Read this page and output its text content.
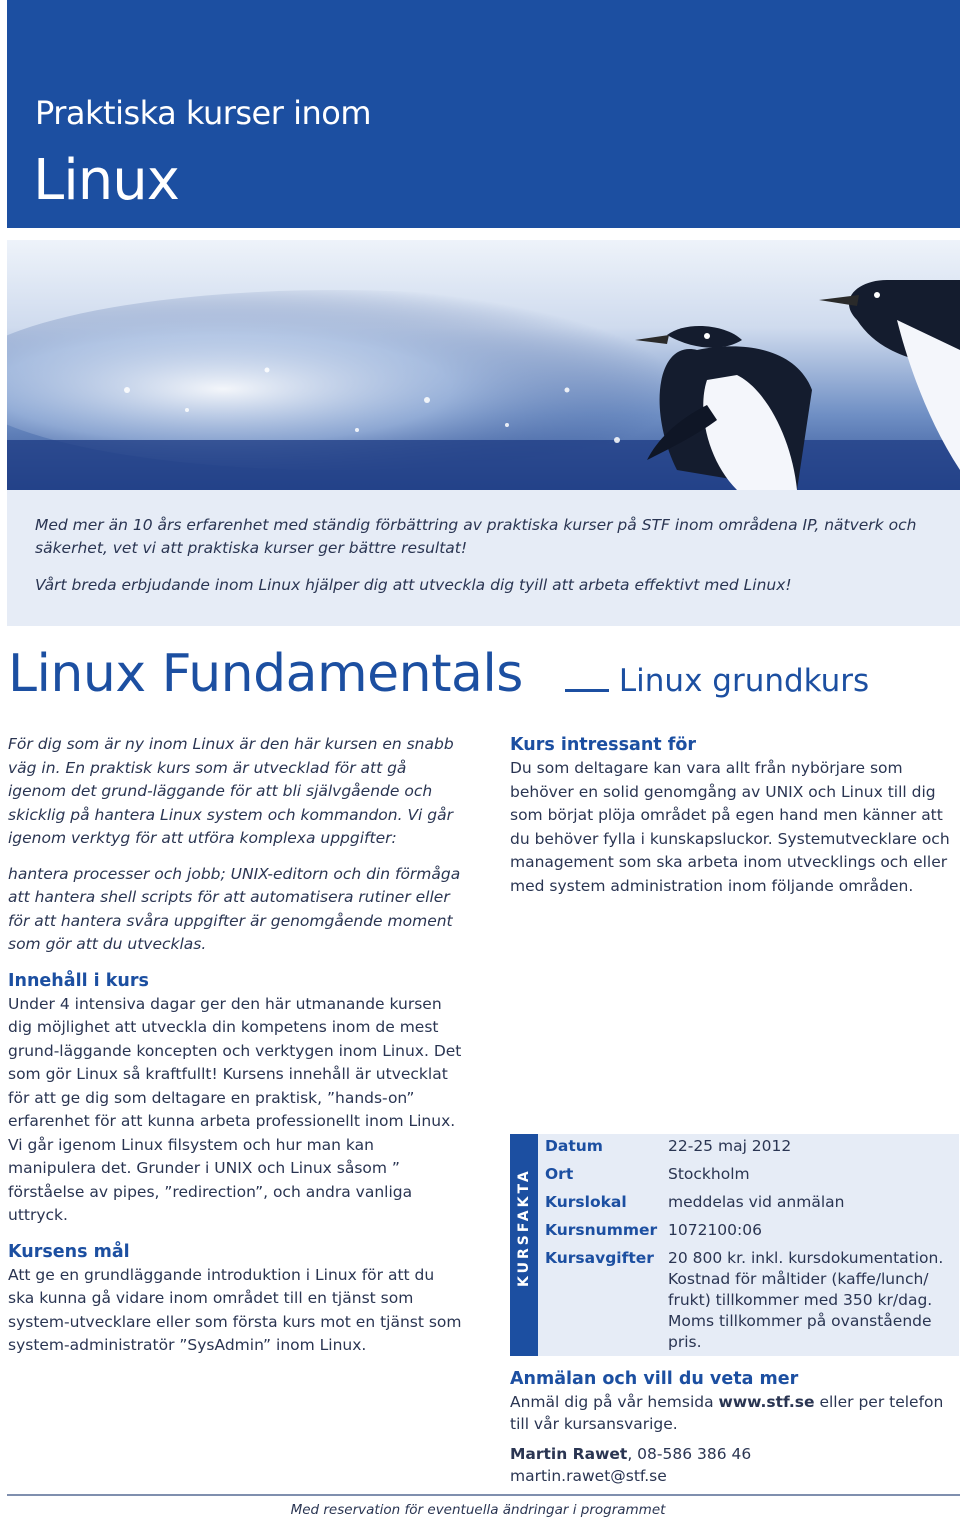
Praktiska kurser inom
Linux

Med mer än 10 års erfarenhet med ständig förbättring av praktiska kurser på STF inom områdena IP, nätverk och säkerhet, vet vi att praktiska kurser ger bättre resultat!

Vårt breda erbjudande inom Linux hjälper dig att utveckla dig tyill att arbeta effektivt med Linux!

Linux Fundamentals	Linux grundkurs

För dig som är ny inom Linux är den här kursen en snabb väg in. En praktisk kurs som är utvecklad för att gå igenom det grund-läggande för att bli självgående och skicklig på hantera Linux system och kommandon. Vi går igenom verktyg för att utföra komplexa uppgifter:

hantera processer och jobb; UNIX-editorn och din förmåga att hantera shell scripts för att automatisera rutiner eller för att hantera svåra uppgifter är genomgående moment som gör att du utvecklas.

Innehåll i kurs

Under 4 intensiva dagar ger den här utmanande kursen dig möjlighet att utveckla din kompetens inom de mest grund-läggande koncepten och verktygen inom Linux. Det som gör Linux så kraftfullt! Kursens innehåll är utvecklat för att ge dig som deltagare en praktisk, ”hands-on” erfarenhet för att kunna arbeta professionellt inom Linux.

Vi går igenom Linux filsystem och hur man kan manipulera det. Grunder i UNIX och Linux såsom ” förståelse av pipes, ”redirection”, och andra vanliga uttryck.

Kursens mål

Att ge en grundläggande introduktion i Linux för att du ska kunna gå vidare inom området till en tjänst som system-utvecklare eller som första kurs mot en tjänst som system-administratör ”SysAdmin” inom Linux.

Kurs intressant för

Du som deltagare kan vara allt från nybörjare som behöver en solid genomgång av UNIX och Linux till dig som börjat plöja området på egen hand men känner att du behöver fylla i kunskapsluckor. Systemutvecklare och management som ska arbeta inom utvecklings och eller med system administration inom följande områden.

KURSFAKTA
Datum	22-25 maj 2012
Ort	Stockholm
Kurslokal	meddelas vid anmälan
Kursnummer 1072100:06
Kursavgifter 20 800 kr. inkl. kursdokumentation. Kostnad för måltider (kaffe/lunch/ frukt) tillkommer med 350 kr/dag. Moms tillkommer på ovanstående pris.

Anmälan och vill du veta mer

Anmäl dig på vår hemsida www.stf.se eller per telefon till vår kursansvarige.

Martin Rawet, 08-586 386 46

martin.rawet@stf.se

Med reservation för eventuella ändringar i programmet
